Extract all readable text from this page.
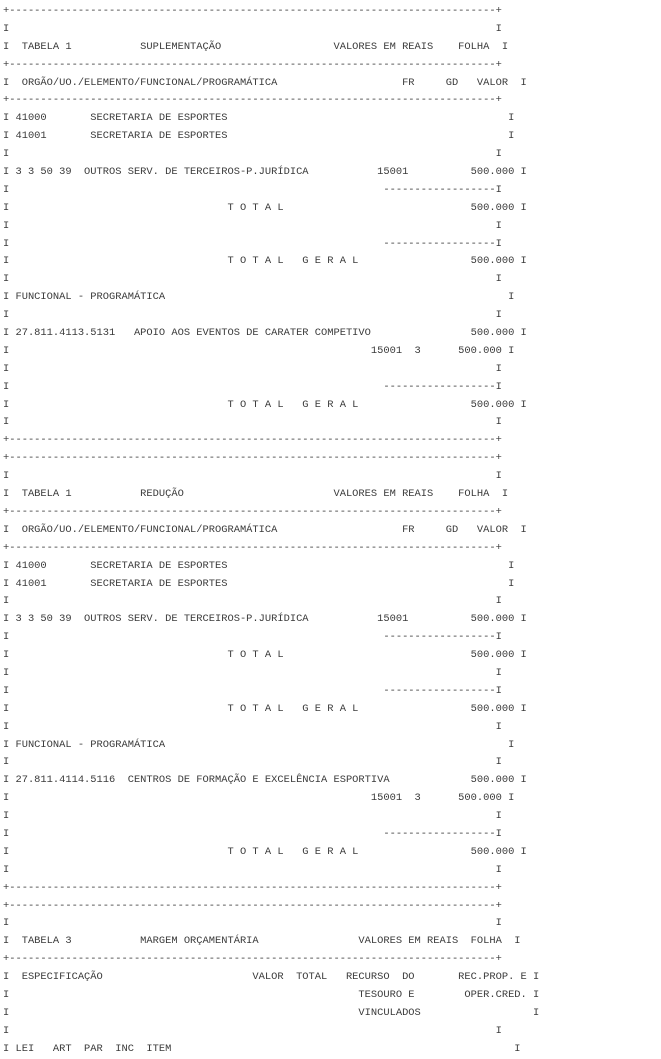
+------------------------------------------------------------------------------+
I                                                                              I
I  TABELA 1           SUPLEMENTAÇÃO                  VALORES EM REAIS    FOLHA  I
+------------------------------------------------------------------------------+
I  ORGÃO/UO./ELEMENTO/FUNCIONAL/PROGRAMÁTICA                    FR     GD   VALOR  I
+------------------------------------------------------------------------------+
I 41000       SECRETARIA DE ESPORTES                                             I
I 41001       SECRETARIA DE ESPORTES                                             I
I                                                                              I
I 3 3 50 39  OUTROS SERV. DE TERCEIROS-P.JURÍDICA           15001          500.000 I
I                                                            ------------------I
I                                   T O T A L                              500.000 I
I                                                                              I
I                                                            ------------------I
I                                   T O T A L   G E R A L                  500.000 I
I                                                                              I
I FUNCIONAL - PROGRAMÁTICA                                                       I
I                                                                              I
I 27.811.4113.5131   APOIO AOS EVENTOS DE CARATER COMPETIVO                500.000 I
I                                                          15001  3      500.000 I
I                                                                              I
I                                                            ------------------I
I                                   T O T A L   G E R A L                  500.000 I
I                                                                              I
+------------------------------------------------------------------------------+
+------------------------------------------------------------------------------+
I                                                                              I
I  TABELA 1           REDUÇÃO                        VALORES EM REAIS    FOLHA  I
+------------------------------------------------------------------------------+
I  ORGÃO/UO./ELEMENTO/FUNCIONAL/PROGRAMÁTICA                    FR     GD   VALOR  I
+------------------------------------------------------------------------------+
I 41000       SECRETARIA DE ESPORTES                                             I
I 41001       SECRETARIA DE ESPORTES                                             I
I                                                                              I
I 3 3 50 39  OUTROS SERV. DE TERCEIROS-P.JURÍDICA           15001          500.000 I
I                                                            ------------------I
I                                   T O T A L                              500.000 I
I                                                                              I
I                                                            ------------------I
I                                   T O T A L   G E R A L                  500.000 I
I                                                                              I
I FUNCIONAL - PROGRAMÁTICA                                                       I
I                                                                              I
I 27.811.4114.5116  CENTROS DE FORMAÇÃO E EXCELÊNCIA ESPORTIVA             500.000 I
I                                                          15001  3      500.000 I
I                                                                              I
I                                                            ------------------I
I                                   T O T A L   G E R A L                  500.000 I
I                                                                              I
+------------------------------------------------------------------------------+
+------------------------------------------------------------------------------+
I                                                                              I
I  TABELA 3           MARGEM ORÇAMENTÁRIA                VALORES EM REAIS  FOLHA  I
+------------------------------------------------------------------------------+
I  ESPECIFICAÇÃO                        VALOR  TOTAL   RECURSO  DO       REC.PROP. E I
I                                                        TESOURO E        OPER.CRED. I
I                                                        VINCULADOS                  I
I                                                                              I
I LEI   ART  PAR  INC  ITEM                                                       I
